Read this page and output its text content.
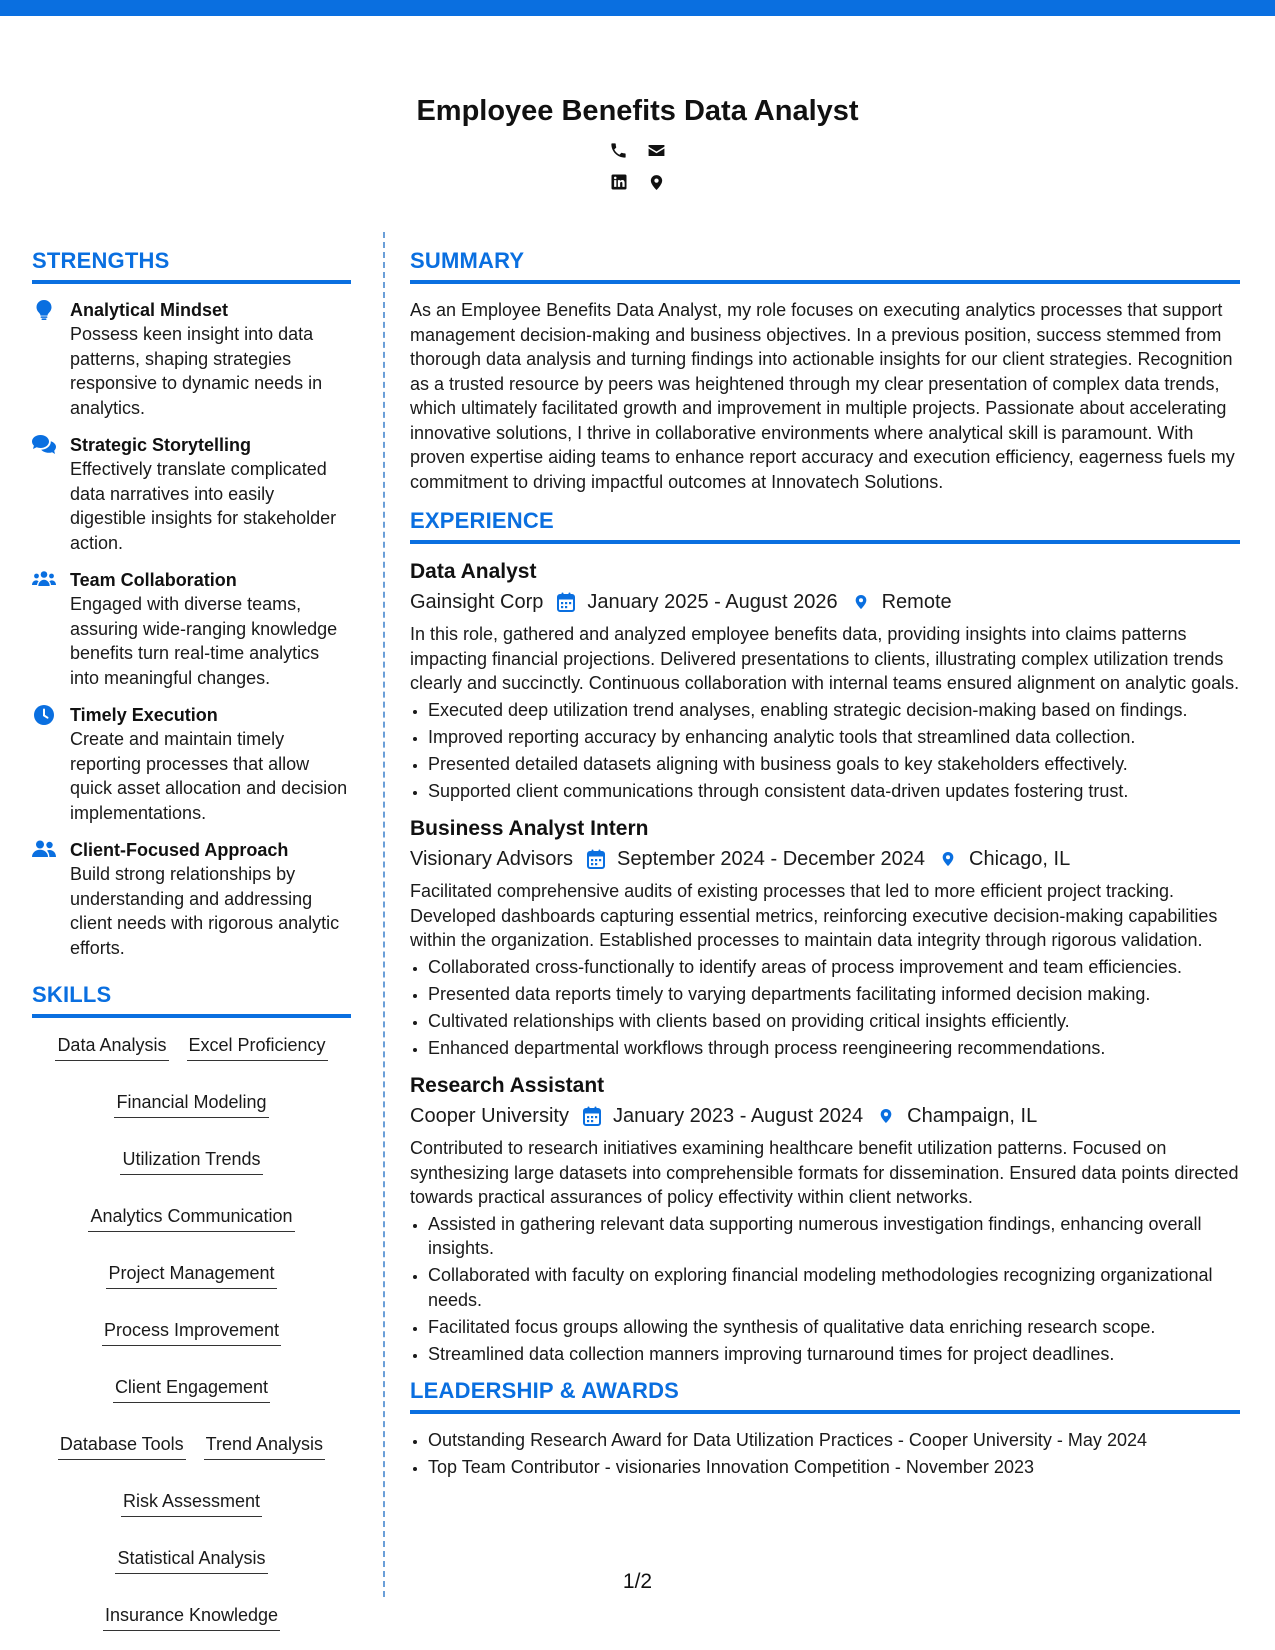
Employee Benefits Data Analyst
STRENGTHS
Analytical Mindset
Possess keen insight into data patterns, shaping strategies responsive to dynamic needs in analytics.
Strategic Storytelling
Effectively translate complicated data narratives into easily digestible insights for stakeholder action.
Team Collaboration
Engaged with diverse teams, assuring wide-ranging knowledge benefits turn real-time analytics into meaningful changes.
Timely Execution
Create and maintain timely reporting processes that allow quick asset allocation and decision implementations.
Client-Focused Approach
Build strong relationships by understanding and addressing client needs with rigorous analytic efforts.
SKILLS
Data Analysis Excel Proficiency
Financial Modeling
Utilization Trends
Analytics Communication
Project Management
Process Improvement
Client Engagement
Database Tools Trend Analysis
Risk Assessment
Statistical Analysis
Insurance Knowledge
SUMMARY

As an Employee Benefits Data Analyst, my role focuses on executing analytics processes that support management decision-making and business objectives. In a previous position, success stemmed from thorough data analysis and turning findings into actionable insights for our client strategies. Recognition as a trusted resource by peers was heightened through my clear presentation of complex data trends, which ultimately facilitated growth and improvement in multiple projects. Passionate about accelerating innovative solutions, I thrive in collaborative environments where analytical skill is paramount. With proven expertise aiding teams to enhance report accuracy and execution efficiency, eagerness fuels my commitment to driving impactful outcomes at Innovatech Solutions.

EXPERIENCE
Data Analyst
Gainsight Corp January 2025 - August 2026 Remote
In this role, gathered and analyzed employee benefits data, providing insights into claims patterns impacting financial projections. Delivered presentations to clients, illustrating complex utilization trends clearly and succinctly. Continuous collaboration with internal teams ensured alignment on analytic goals.
• Executed deep utilization trend analyses, enabling strategic decision-making based on findings.
• Improved reporting accuracy by enhancing analytic tools that streamlined data collection.
• Presented detailed datasets aligning with business goals to key stakeholders effectively.
• Supported client communications through consistent data-driven updates fostering trust.
Business Analyst Intern
Visionary Advisors September 2024 - December 2024 Chicago, IL
Facilitated comprehensive audits of existing processes that led to more efficient project tracking. Developed dashboards capturing essential metrics, reinforcing executive decision-making capabilities within the organization. Established processes to maintain data integrity through rigorous validation.
• Collaborated cross-functionally to identify areas of process improvement and team efficiencies.
• Presented data reports timely to varying departments facilitating informed decision making.
• Cultivated relationships with clients based on providing critical insights efficiently.
• Enhanced departmental workflows through process reengineering recommendations.
Research Assistant
Cooper University January 2023 - August 2024 Champaign, IL
Contributed to research initiatives examining healthcare benefit utilization patterns. Focused on synthesizing large datasets into comprehensible formats for dissemination. Ensured data points directed towards practical assurances of policy effectivity within client networks.
• Assisted in gathering relevant data supporting numerous investigation findings, enhancing overall insights.
• Collaborated with faculty on exploring financial modeling methodologies recognizing organizational needs.
• Facilitated focus groups allowing the synthesis of qualitative data enriching research scope.
• Streamlined data collection manners improving turnaround times for project deadlines.
LEADERSHIP & AWARDS
• Outstanding Research Award for Data Utilization Practices - Cooper University - May 2024
• Top Team Contributor - visionaries Innovation Competition - November 2023
1/2
